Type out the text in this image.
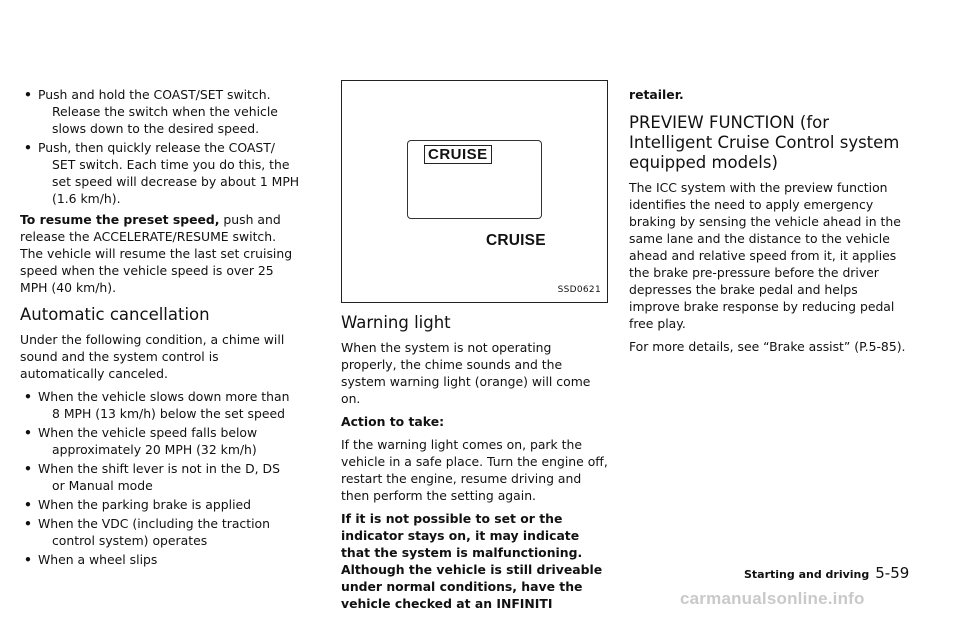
• Push and hold the COAST/SET switch.
Release the switch when the vehicle slows down to the desired speed.
• Push, then quickly release the COAST/
SET switch. Each time you do this, the set speed will decrease by about 1 MPH (1.6 km/h).

To resume the preset speed, push and release the ACCELERATE/RESUME switch. The vehicle will resume the last set cruising speed when the vehicle speed is over 25 MPH (40 km/h).

Automatic cancellation

Under the following condition, a chime will sound and the system control is automatically canceled.

• When the vehicle slows down more than
8 MPH (13 km/h) below the set speed
• When the vehicle speed falls below
approximately 20 MPH (32 km/h)
• When the shift lever is not in the D, DS
or Manual mode
• When the parking brake is applied
• When the VDC (including the traction
control system) operates
• When a wheel slips
CRUISE
CRUISE
SSD0621
Warning light

When the system is not operating properly, the chime sounds and the system warning light (orange) will come on.

Action to take:

If the warning light comes on, park the vehicle in a safe place. Turn the engine off, restart the engine, resume driving and then perform the setting again.

If it is not possible to set or the indicator stays on, it may indicate that the system is malfunctioning. Although the vehicle is still driveable under normal conditions, have the vehicle checked at an INFINITI

retailer.

PREVIEW FUNCTION (for Intelligent Cruise Control system equipped models)

The ICC system with the preview function identifies the need to apply emergency braking by sensing the vehicle ahead in the same lane and the distance to the vehicle ahead and relative speed from it, it applies the brake pre-pressure before the driver depresses the brake pedal and helps improve brake response by reducing pedal free play.

For more details, see “Brake assist” (P.5-85).

Starting and driving 5-59
carmanualsonline.info
